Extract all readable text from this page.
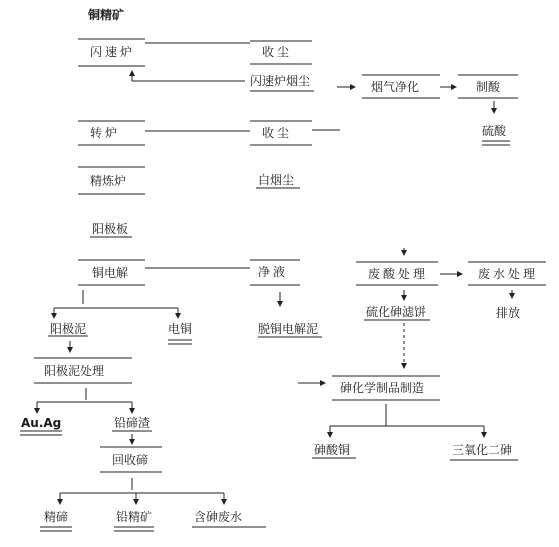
铜精矿
闪速炉	收尘
闪速炉烟尘	烟气净化	制酸
硫酸
转炉	收尘
精炼炉	白烟尘
阳极板
铜电解	净液
脱铜电解泥
废酸处理	废水处理
排放
硫化砷滤饼
阳极泥	电铜
阳极泥处理
砷化学制品制造
Au.Ag	铅碲渣
回收碲
砷酸铜	三氧化二砷
精碲	铅精矿	含砷废水
